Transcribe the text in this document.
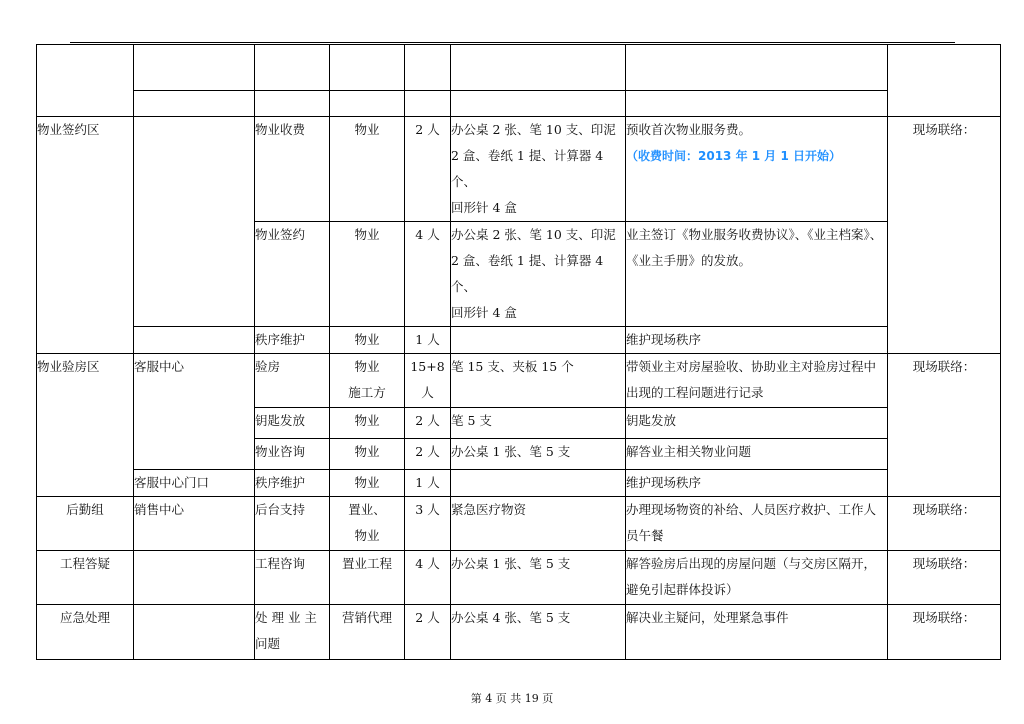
物业签约区		物业收费	物业	2 人	办公桌 2 张、笔 10 支、印泥
2 盒、卷纸 1 提、计算器 4 个、
回形针 4 盒	预收首次物业服务费。
（收费时间：2013 年 1 月 1 日开始）	现场联络：
		物业签约	物业	4 人	办公桌 2 张、笔 10 支、印泥
2 盒、卷纸 1 提、计算器 4 个、
回形针 4 盒	业主签订《物业服务收费协议》、《业主档案》、
《业主手册》的发放。	

		秩序维护	物业	1 人		维护现场秩序	
物业验房区	客服中心	验房	物业
施工方	15+8
人	笔 15 支、夹板 15 个	带领业主对房屋验收、协助业主对验房过程中
出现的工程问题进行记录	现场联络：
		钥匙发放	物业	2 人	笔 5 支	钥匙发放	
		物业咨询	物业	2 人	办公桌 1 张、笔 5 支	解答业主相关物业问题	
	客服中心门口	秩序维护	物业	1 人		维护现场秩序	
后勤组	销售中心	后台支持	置业、
物业	3 人	紧急医疗物资	办理现场物资的补给、人员医疗救护、工作人
员午餐	现场联络：
工程答疑		工程咨询	置业工程	4 人	办公桌 1 张、笔 5 支	解答验房后出现的房屋问题（与交房区隔开，
避免引起群体投诉）	现场联络：
应急处理		处 理 业 主
问题	营销代理	2 人	办公桌 4 张、笔 5 支	解决业主疑问，处理紧急事件	现场联络：
第 4 页 共 19 页
